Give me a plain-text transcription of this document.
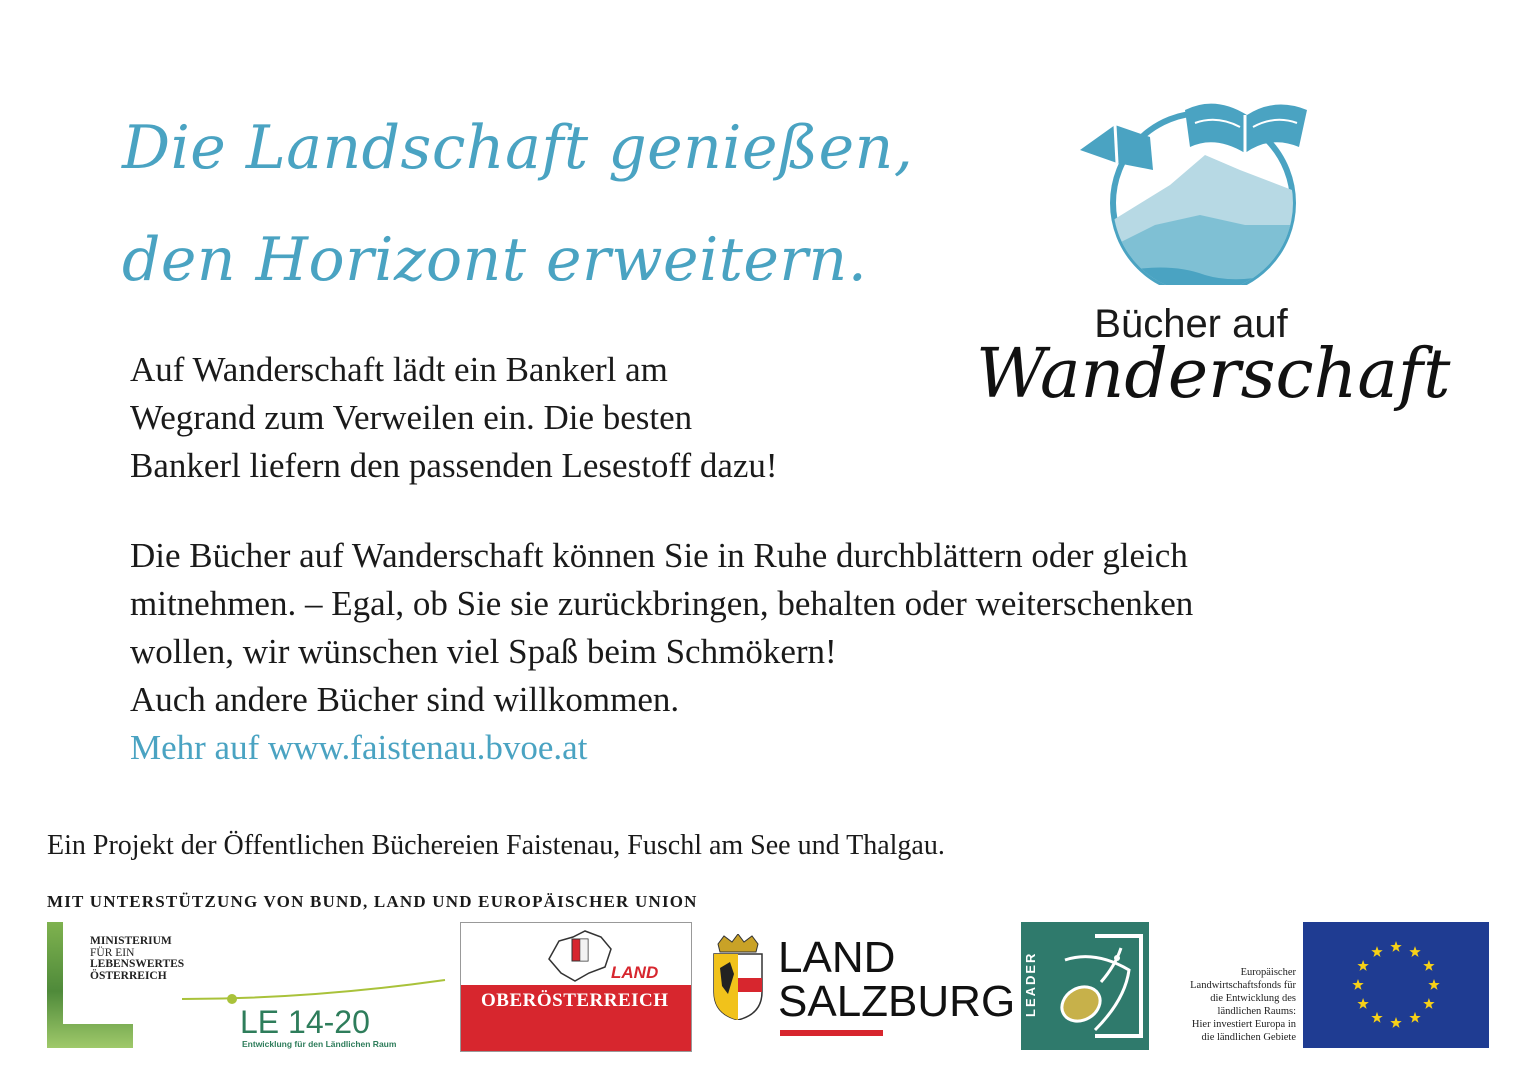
Die Landschaft genießen,
den Horizont erweitern.
Bücher auf
Wanderschaft
Auf Wanderschaft lädt ein Bankerl am
Wegrand zum Verweilen ein. Die besten
Bankerl liefern den passenden Lesestoff dazu!
Die Bücher auf Wanderschaft können Sie in Ruhe durchblättern oder gleich
mitnehmen. – Egal, ob Sie sie zurückbringen, behalten oder weiterschenken
wollen, wir wünschen viel Spaß beim Schmökern!
Auch andere Bücher sind willkommen.
Mehr auf www.faistenau.bvoe.at
Ein Projekt der Öffentlichen Büchereien Faistenau, Fuschl am See und Thalgau.
MIT UNTERSTÜTZUNG VON BUND, LAND UND EUROPÄISCHER UNION
MINISTERIUM
FÜR EIN
LEBENSWERTES
ÖSTERREICH
LE 14-20
Entwicklung für den Ländlichen Raum
LAND
OBERÖSTERREICH
LAND
SALZBURG LEADER	Europäischer
Landwirtschaftsfonds für
die Entwicklung des
ländlichen Raums:
Hier investiert Europa in
die ländlichen Gebiete
